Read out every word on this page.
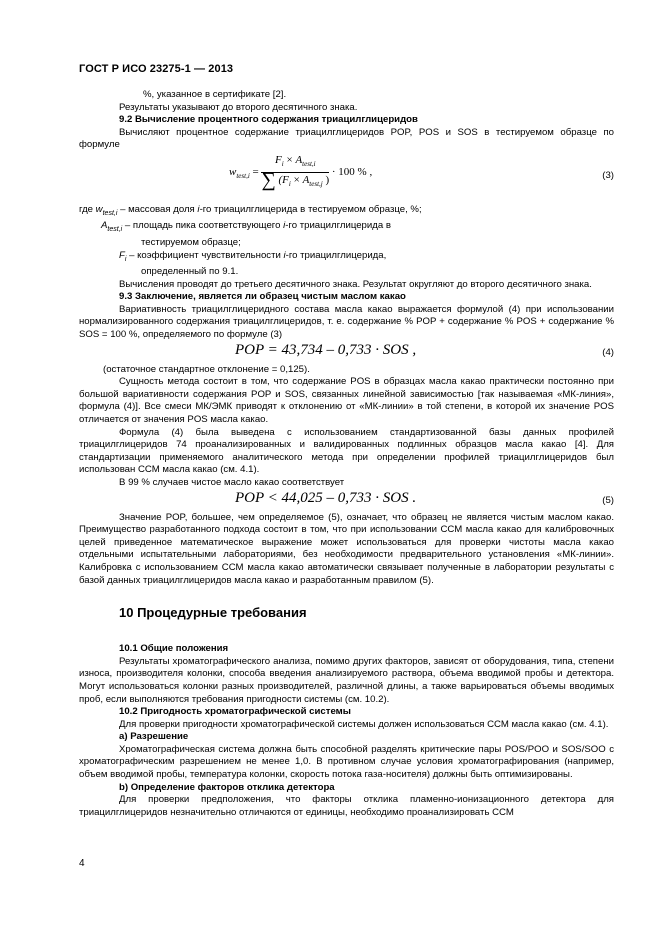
ГОСТ Р ИСО 23275-1 — 2013

%, указанное в сертификате [2].

Результаты указывают до второго десятичного знака.

9.2 Вычисление процентного содержания триацилглицеридов

Вычисляют процентное содержание триацилглицеридов POP, POS и SOS в тестируемом образце по формуле

$w_{test,i} = \frac{F_i \times A_{test,i}}{\sum (F_i \times A_{test,j} )} \cdot 100$ % ,	(3)
где $w_{test,i}$ – массовая доля i-го триацилглицерида в тестируемом образце, %;
$A_{test,i}$ – площадь пика соответствующего i-го триацилглицерида в
тестируемом образце;
$F_i$ – коэффициент чувствительности i-го триацилглицерида,
определенный по 9.1.

Вычисления проводят до третьего десятичного знака. Результат округляют до второго десятичного знака.

9.3 Заключение, является ли образец чистым маслом какао

Вариативность триацилглицеридного состава масла какао выражается формулой (4) при использовании нормализированного содержания триацилглицеридов, т. е. содержание % POP + содержание % POS + содержание % SOS = 100 %, определяемого по формуле (3)

POP = 43,734 – 0,733 · SOS ,	(4)

(остаточное стандартное отклонение = 0,125).

Сущность метода состоит в том, что содержание POS в образцах масла какао практически постоянно при большой вариативности содержания POP и SOS, связанных линейной зависимостью [так называемая «МК-линия», формула (4)]. Все смеси МК/ЭМК приводят к отклонению от «МК-линии» в той степени, в которой их значение POS отличается от значения POS масла какао.

Формула (4) была выведена с использованием стандартизованной базы данных профилей триацилглицеридов 74 проанализированных и валидированных подлинных образцов масла какао [4]. Для стандартизации применяемого аналитического метода при определении профилей триацилглицеридов был использован ССМ масла какао (см. 4.1).

В 99 % случаев чистое масло какао соответствует

POP < 44,025 – 0,733 · SOS .	(5)

Значение POP, большее, чем определяемое (5), означает, что образец не является чистым маслом какао. Преимущество разработанного подхода состоит в том, что при использовании ССМ масла какао для калибровочных целей приведенное математическое выражение может использоваться для проверки чистоты масла какао отдельными испытательными лабораториями, без необходимости предварительного установления «МК-линии». Калибровка с использованием ССМ масла какао автоматически связывает полученные в лаборатории результаты с базой данных триацилглицеридов масла какао и разработанным правилом (5).

10 Процедурные требования
10.1 Общие положения

Результаты хроматографического анализа, помимо других факторов, зависят от оборудования, типа, степени износа, производителя колонки, способа введения анализируемого раствора, объема вводимой пробы и детектора. Могут использоваться колонки разных производителей, различной длины, а также варьироваться объемы вводимых проб, если выполняются требования пригодности системы (см. 10.2).

10.2 Пригодность хроматографической системы

Для проверки пригодности хроматографической системы должен использоваться ССМ масла какао (см. 4.1).

а) Разрешение

Хроматографическая система должна быть способной разделять критические пары POS/POO и SOS/SOO с хроматографическим разрешением не менее 1,0. В противном случае условия хроматографирования (например, объем вводимой пробы, температура колонки, скорость потока газа-носителя) должны быть оптимизированы.

b) Определение факторов отклика детектора

Для проверки предположения, что факторы отклика пламенно-ионизационного детектора для триацилглицеридов незначительно отличаются от единицы, необходимо проанализировать ССМ

4
